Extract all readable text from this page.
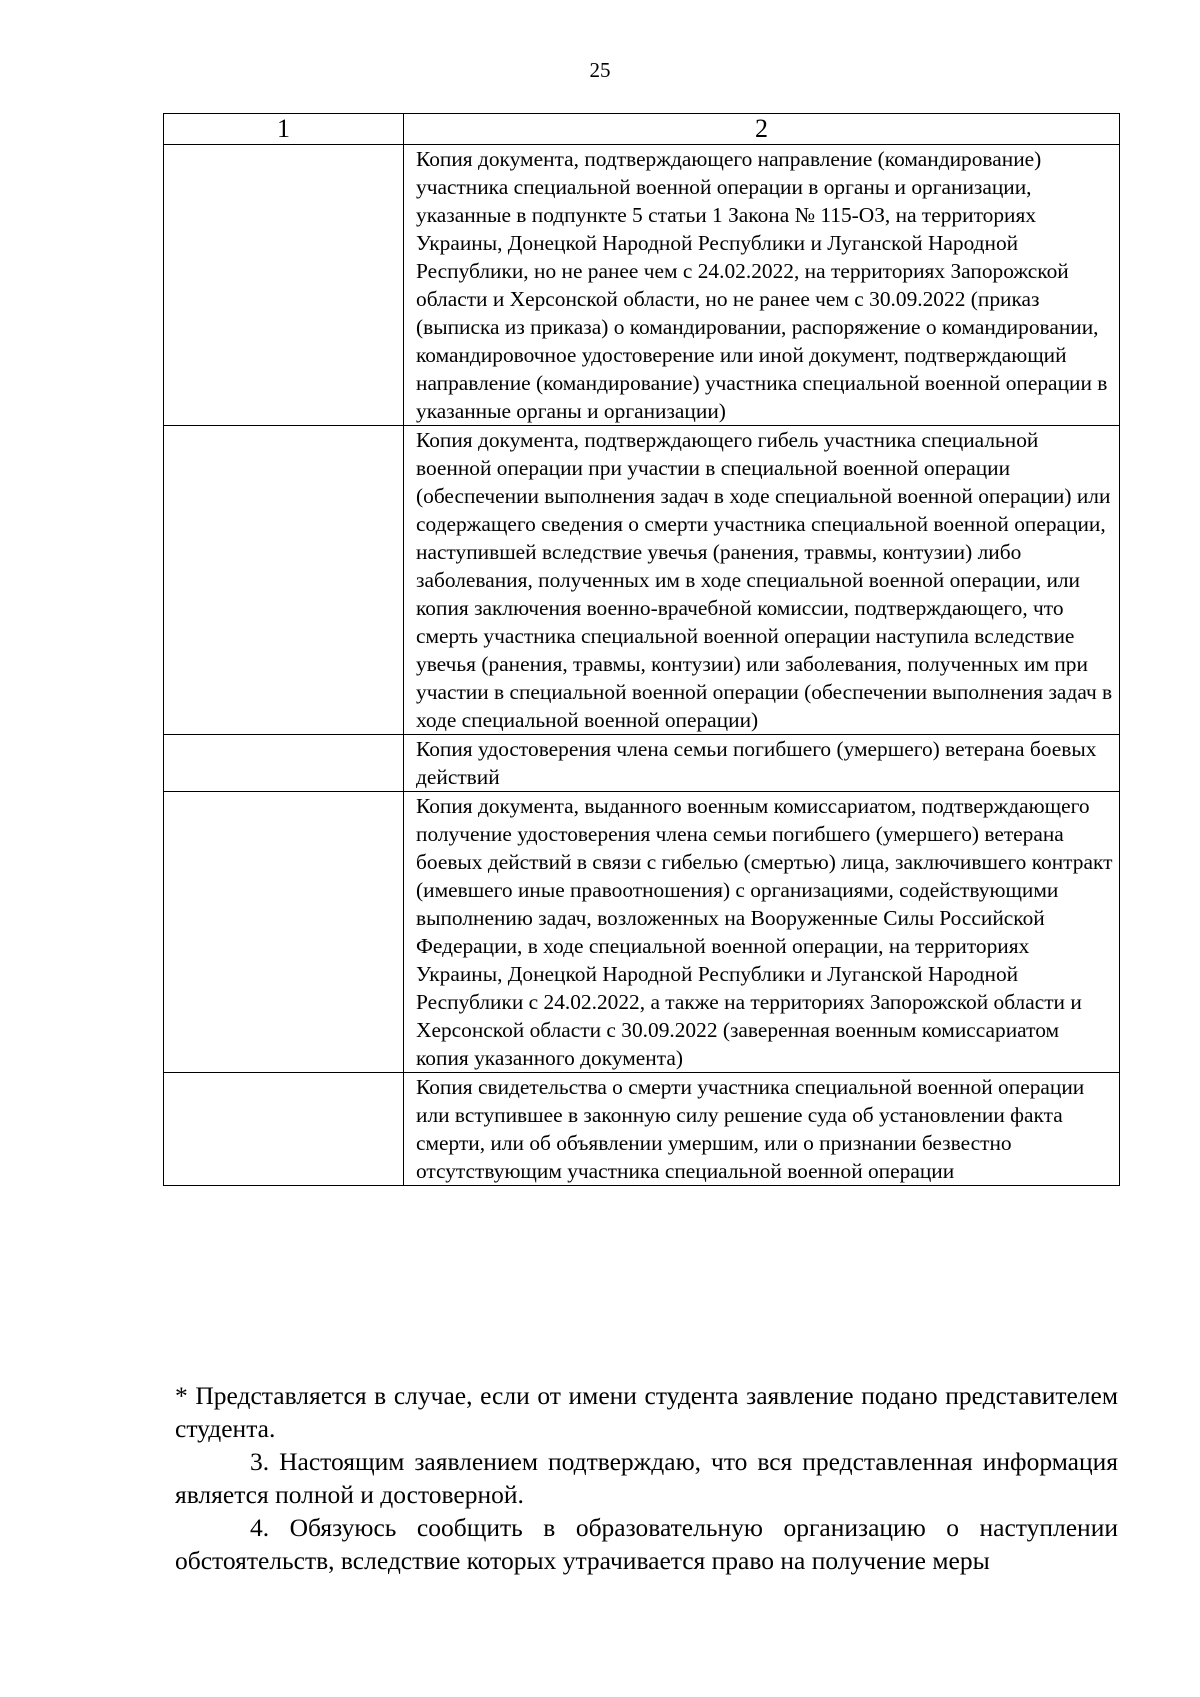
25
1	2
	Копия документа, подтверждающего направление (командирование) участника специальной военной операции в органы и организации, указанные в подпункте 5 статьи 1 Закона № 115-ОЗ, на территориях Украины, Донецкой Народной Республики и Луганской Народной Республики, но не ранее чем с 24.02.2022, на территориях Запорожской области и Херсонской области, но не ранее чем с 30.09.2022 (приказ (выписка из приказа) о командировании, распоряжение о командировании, командировочное удостоверение или иной документ, подтверждающий направление (командирование) участника специальной военной операции в указанные органы и организации)
	Копия документа, подтверждающего гибель участника специальной военной операции при участии в специальной военной операции (обеспечении выполнения задач в ходе специальной военной операции) или содержащего сведения о смерти участника специальной военной операции, наступившей вследствие увечья (ранения, травмы, контузии) либо заболевания, полученных им в ходе специальной военной операции, или копия заключения военно-врачебной комиссии, подтверждающего, что смерть участника специальной военной операции наступила вследствие увечья (ранения, травмы, контузии) или заболевания, полученных им при участии в специальной военной операции (обеспечении выполнения задач в ходе специальной военной операции)
	Копия удостоверения члена семьи погибшего (умершего) ветерана боевых действий
	Копия документа, выданного военным комиссариатом, подтверждающего получение удостоверения члена семьи погибшего (умершего) ветерана боевых действий в связи с гибелью (смертью) лица, заключившего контракт (имевшего иные правоотношения) с организациями, содействующими выполнению задач, возложенных на Вооруженные Силы Российской Федерации, в ходе специальной военной операции, на территориях Украины, Донецкой Народной Республики и Луганской Народной Республики с 24.02.2022, а также на территориях Запорожской области и Херсонской области с 30.09.2022 (заверенная военным комиссариатом копия указанного документа)
	Копия свидетельства о смерти участника специальной военной операции или вступившее в законную силу решение суда об установлении факта смерти, или об объявлении умершим, или о признании безвестно отсутствующим участника специальной военной операции

* Представляется в случае, если от имени студента заявление подано представителем студента.

3. Настоящим заявлением подтверждаю, что вся представленная информация является полной и достоверной.

4. Обязуюсь сообщить в образовательную организацию о наступлении обстоятельств, вследствие которых утрачивается право на получение меры
